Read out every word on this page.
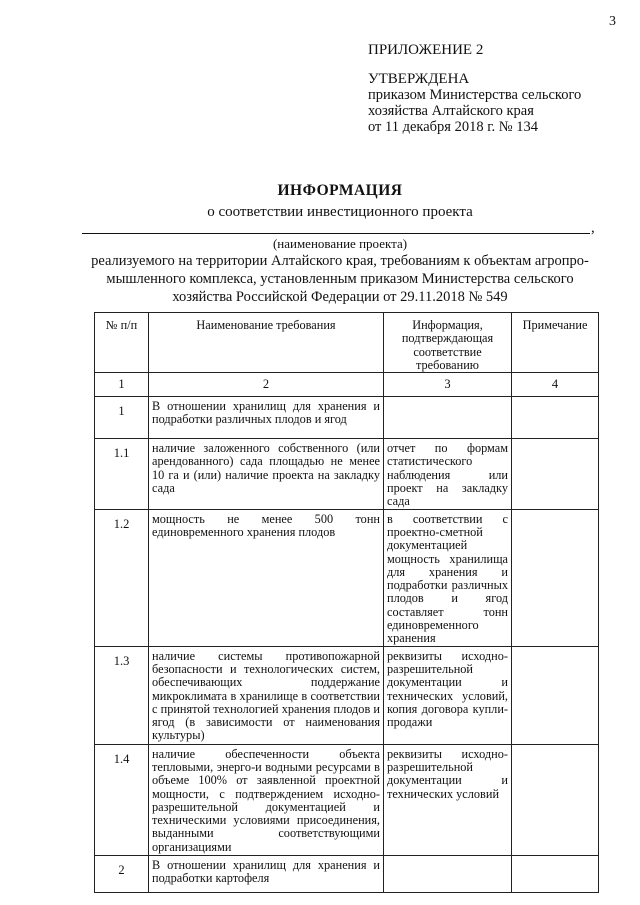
3
ПРИЛОЖЕНИЕ 2
УТВЕРЖДЕНА
приказом Министерства сельского
хозяйства Алтайского края
от 11 декабря 2018 г. № 134
ИНФОРМАЦИЯ
о соответствии инвестиционного проекта
,
(наименование проекта)
реализуемого на территории Алтайского края, требованиям к объектам агропро-
мышленного комплекса, установленным приказом Министерства сельского
хозяйства Российской Федерации от 29.11.2018 № 549
№ п/п	Наименование требования	Информация, подтверждающая соответствие требованию	Примечание
1	2	3	4
1	В отношении хранилищ для хранения и подработки различных плодов и ягод		
1.1	наличие заложенного собственного (или арендованного) сада площадью не менее 10 га и (или) наличие проекта на закладку сада	отчет по формам статистического наблюдения или проект на закладку сада	
1.2	мощность не менее 500 тонн единовременного хранения плодов	в соответствии с проектно-сметной документацией мощность хранилища для хранения и подработки различных плодов и ягод составляет тонн единовременного хранения	
1.3	наличие системы противопожарной безопасности и технологических систем, обеспечивающих поддержание микроклимата в хранилище в соответствии с принятой технологией хранения плодов и ягод (в зависимости от наименования культуры)	реквизиты исходно-разрешительной документации и технических условий, копия договора купли-продажи	
1.4	наличие обеспеченности объекта тепловыми, энерго-и водными ресурсами в объеме 100% от заявленной проектной мощности, с подтверждением исходно-разрешительной документацией и техническими условиями присоединения, выданными соответствующими организациями	реквизиты исходно-разрешительной документации и технических условий	
2	В отношении хранилищ для хранения и подработки картофеля		
